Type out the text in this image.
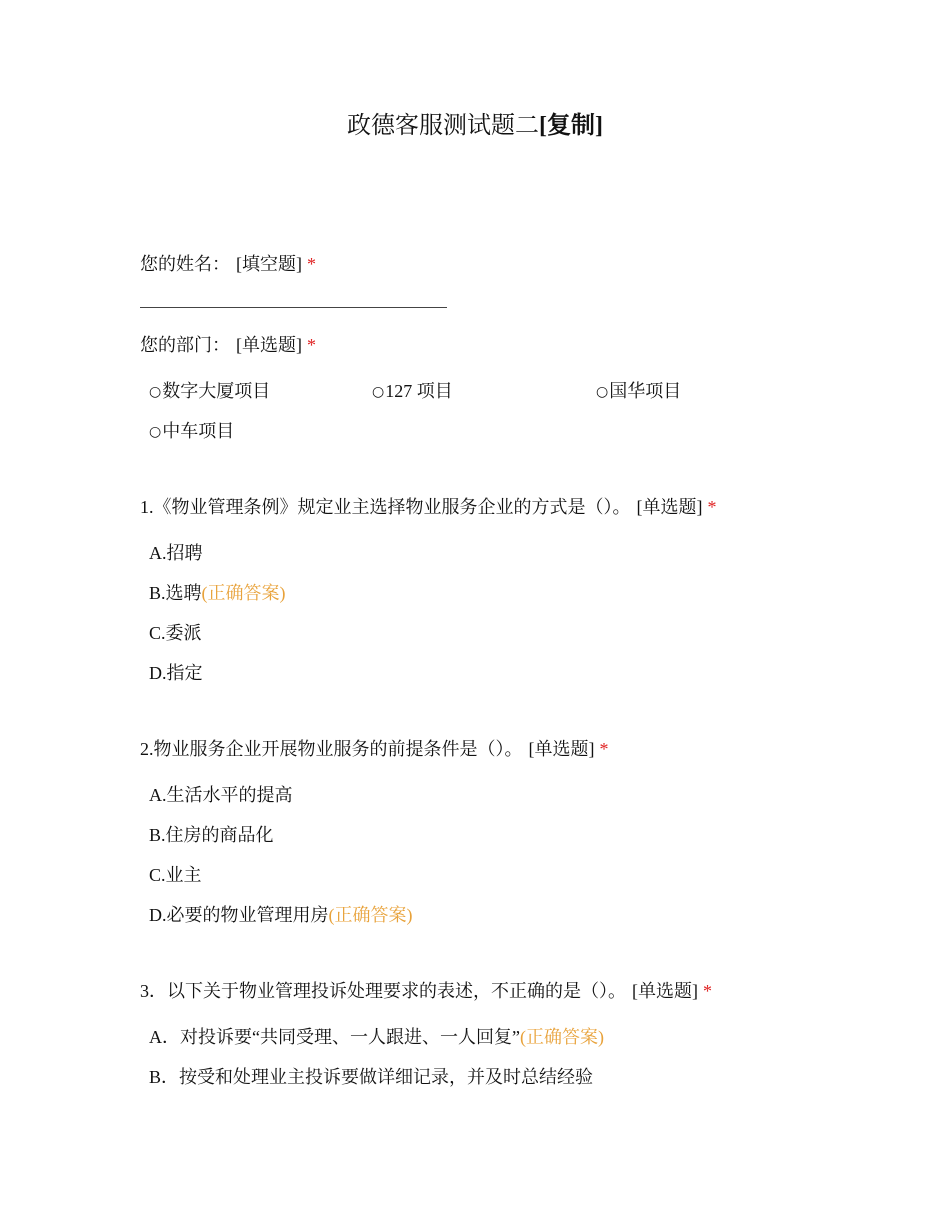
政德客服测试题二[复制]
您的姓名： [填空题] *
您的部门： [单选题] *
○数字大厦项目	○127 项目	○国华项目
○中车项目
1.《物业管理条例》规定业主选择物业服务企业的方式是（）。 [单选题] *
A.招聘
B.选聘(正确答案)
C.委派
D.指定
2.物业服务企业开展物业服务的前提条件是（）。 [单选题] *
A.生活水平的提高
B.住房的商品化
C.业主
D.必要的物业管理用房(正确答案)
3．以下关于物业管理投诉处理要求的表述，不正确的是（）。 [单选题] *
A．对投诉要“共同受理、一人跟进、一人回复”(正确答案)
B．按受和处理业主投诉要做详细记录，并及时总结经验
